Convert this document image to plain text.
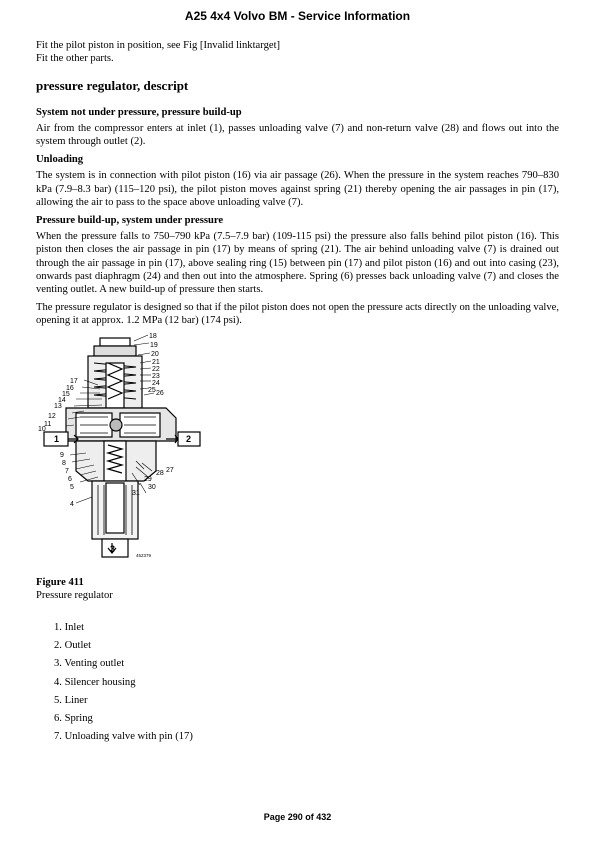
A25 4x4 Volvo BM - Service Information

Fit the pilot piston in position, see Fig [Invalid linktarget]

Fit the other parts.

pressure regulator, descript
System not under pressure, pressure build-up

Air from the compressor enters at inlet (1), passes unloading valve (7) and non-return valve (28) and flows out into the system through outlet (2).

Unloading

The system is in connection with pilot piston (16) via air passage (26). When the pressure in the system reaches 790–830 kPa (7.9–8.3 bar) (115–120 psi), the pilot piston moves against spring (21) thereby opening the air passages in pin (17), allowing the air to pass to the space above unloading valve (7).

Pressure build-up, system under pressure

When the pressure falls to 750–790 kPa (7.5–7.9 bar) (109-115 psi) the pressure also falls behind pilot piston (16). This piston then closes the air passage in pin (17) by means of spring (21). The air behind unloading valve (7) is drained out through the air passage in pin (17), above sealing ring (15) between pin (17) and pilot piston (16) and out into casing (23), onwards past diaphragm (24) and then out into the atmosphere. Spring (6) presses back unloading valve (7) and closes the venting outlet. A new build-up of pressure then starts.

The pressure regulator is designed so that if the pilot piston does not open the pressure acts directly on the unloading valve, opening it at approx. 1.2 MPa (12 bar) (174 psi).

18
19
20
21
22
23
24
25 26
17
16
15
14
13
12
11
10
1	2
9
8
7
6
5
4
28 27
29
30
31
3
452379

Figure 411

Pressure regulator

1. Inlet
2. Outlet
3. Venting outlet
4. Silencer housing
5. Liner
6. Spring
7. Unloading valve with pin (17)
Page 290 of 432
